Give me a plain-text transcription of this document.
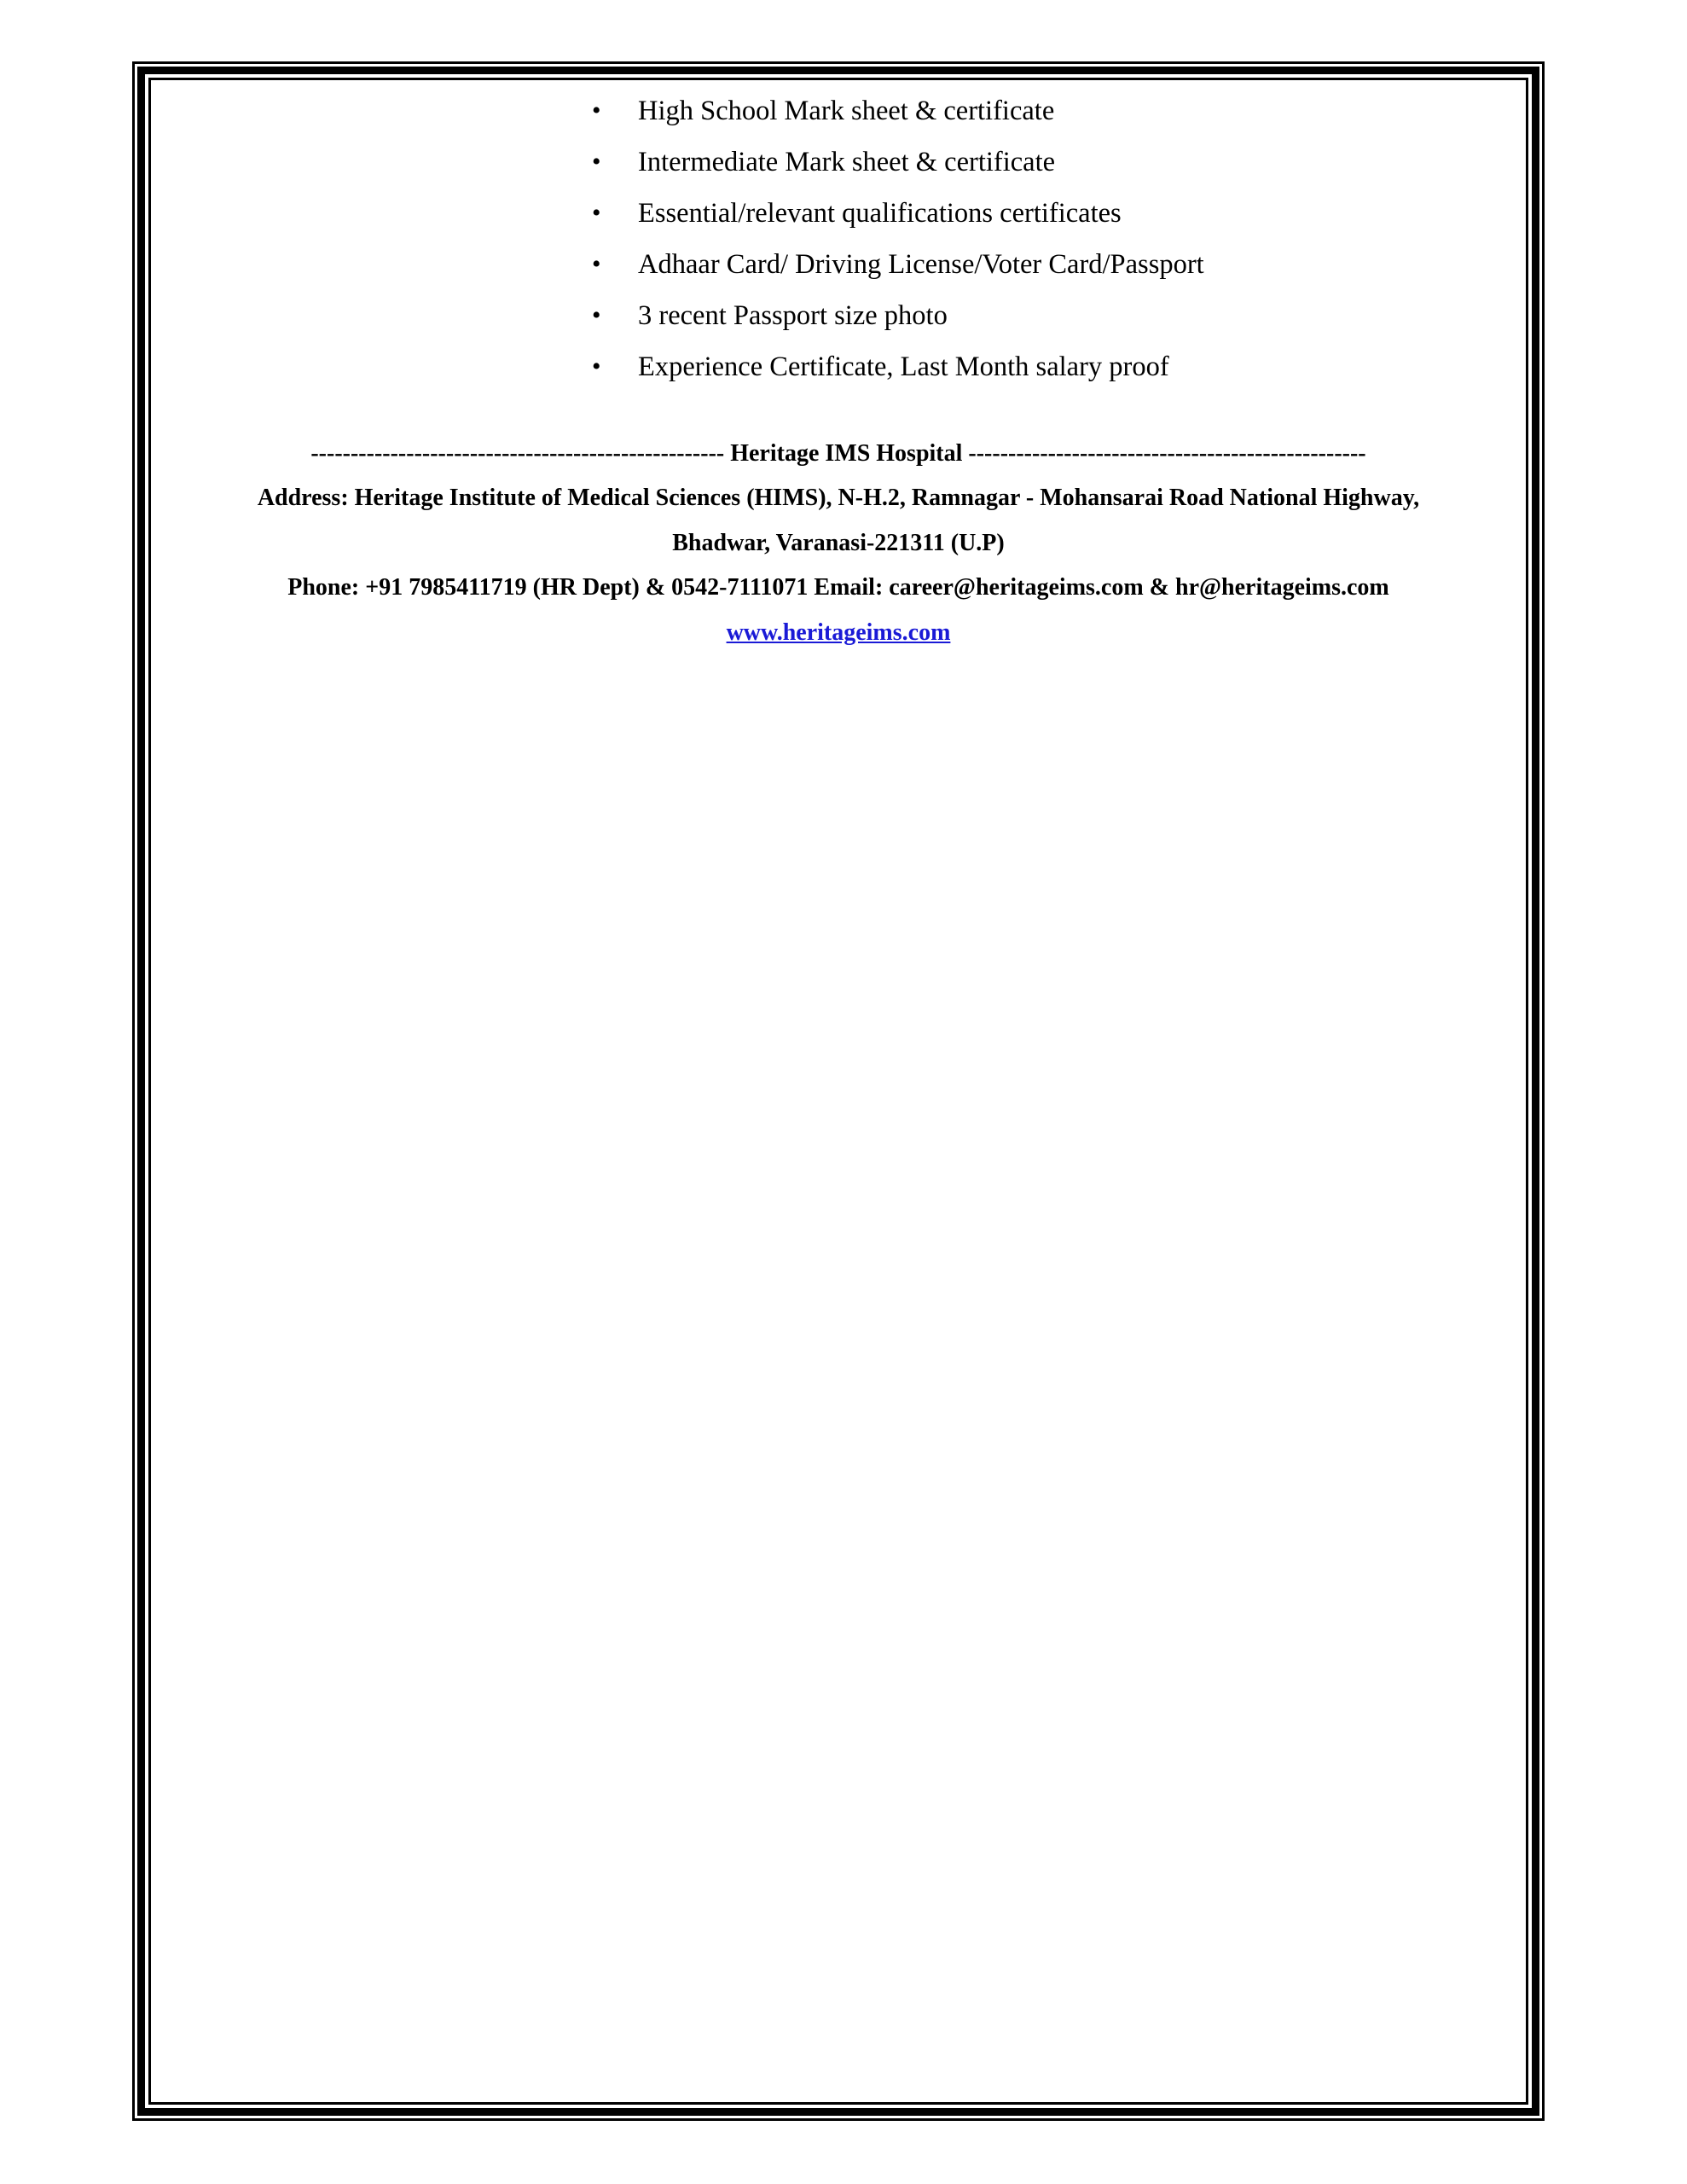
• High School Mark sheet & certificate
• Intermediate Mark sheet & certificate
• Essential/relevant qualifications certificates
• Adhaar Card/ Driving License/Voter Card/Passport
• 3 recent Passport size photo
• Experience Certificate, Last Month salary proof
---------------------------------------------------- Heritage IMS Hospital --------------------------------------------------
Address: Heritage Institute of Medical Sciences (HIMS), N-H.2, Ramnagar - Mohansarai Road National Highway,
Bhadwar, Varanasi-221311 (U.P)
Phone: +91 7985411719 (HR Dept) & 0542-7111071 Email: career@heritageims.com & hr@heritageims.com
www.heritageims.com
